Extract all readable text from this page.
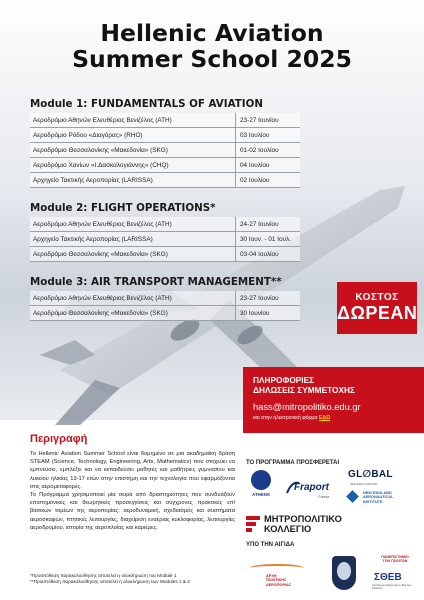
Hellenic Aviation
Summer School 2025
Module 1: FUNDAMENTALS OF AVIATION
Αεροδρόμιο Αθηνών Ελευθέριος Βενιζέλος (ATH)	23-27 Ιουνίου
Αεροδρόμιο Ρόδου «Διαγόρας» (RHO)	03 Ιουλίου
Αεροδρόμιο Θεσσαλονίκης «Μακεδονία» (SKG)	01-02 Ιουλίου
Αεροδρόμιο Χανίων «Ι.Δασκαλογιάννης» (CHQ)	04 Ιουλίου
Αρχηγείο Τακτικής Αεροπορίας (LARISSA)	02 Ιουλίου
Module 2: FLIGHT OPERATIONS*
Αεροδρόμιο Αθηνών Ελευθέριος Βενιζέλος (ATH)	24-27 Ιουνίου
Αρχηγείο Τακτικής Αεροπορίας (LARISSA)	30 Ιουν. - 01 Ιουλ.
Αεροδρόμιο Θεσσαλονίκης «Μακεδονία» (SKG)	03-04 Ιουλίου
Module 3: AIR TRANSPORT MANAGEMENT**
Αεροδρόμιο Αθηνών Ελευθέριος Βενιζέλος (ATH)	23-27 Ιουνίου
Αεροδρόμιο Θεσσαλονίκης «Μακεδονία» (SKG)	30 Ιουνίου
ΚΟΣΤΟΣ
ΔΩΡΕΑΝ
ΠΛΗΡΟΦΟΡΙΕΣ
ΔΗΛΩΣΕΙΣ ΣΥΜΜΕΤΟΧΗΣ
hass@mitropolitiko.edu.gr
και στην ηλεκτρονική φόρμα ΕΔΩ
Περιγραφή

Το Hellenic Aviation Summer School είναι δομημένο σε μια ακαδημαϊκή δράση STEAM (Science, Technology, Engineering, Arts, Mathematics) που στοχεύει να εμπνεύσει, εμπλέξει και να εκπαιδεύσει μαθητές και μαθήτριες γυμνασίου και λυκείου ηλικίας 13-17 ετών στην επιστήμη και την τεχνολογία που εφαρμόζονται στις αερομεταφορές.

Το Πρόγραμμα χρησιμοποιεί μία σειρά από δραστηριότητες που συνδυάζουν επιστημονικές και θεωρητικές προσεγγίσεις και σύγχρονες πρακτικές επί βασικών τομέων της αεροπορίας: αεροδυναμική, σχεδιασμός και συστήματα αεροσκαφών, πτητικές λειτουργίες, διαχείριση εναέριας κυκλοφορίας, λειτουργίες αεροδρομίου, ιστορία της αεροπλοΐας και καριέρες.

*Προϋπόθεση παρακολούθησης αποτελεί η ολοκλήρωση του Module 1
**Προϋπόθεση παρακολούθησης αποτελεί η ολοκλήρωση των Modules 1 & 2
ΤΟ ΠΡΟΓΡΑΜΜΑ ΠΡΟΣΦΕΡΕΤΑΙ
ATHENS
Fraport
Greece
GL∅BAL
HELLENIC AVIATION
NEW ENGLAND
AERONAUTICAL
INSTITUTE
ΜΗΤΡΟΠΟΛΙΤΙΚΟ
ΚΟΛΛΕΓΙΟ
ΥΠΟ ΤΗΝ ΑΙΓΙΔΑ
ΑΡΧΗ
ΠΟΛΙΤΙΚΗΣ
ΑΕΡΟΠΟΡΙΑΣ
ΠΑΝΕΠΙΣΤΗΜΙΟ
ΤΟΝ ΠΟΛΙΤΩΝ
ΣΘΕΒ
Σύνδεσμος Εξαγωγέων Βορείου Ελλάδος
